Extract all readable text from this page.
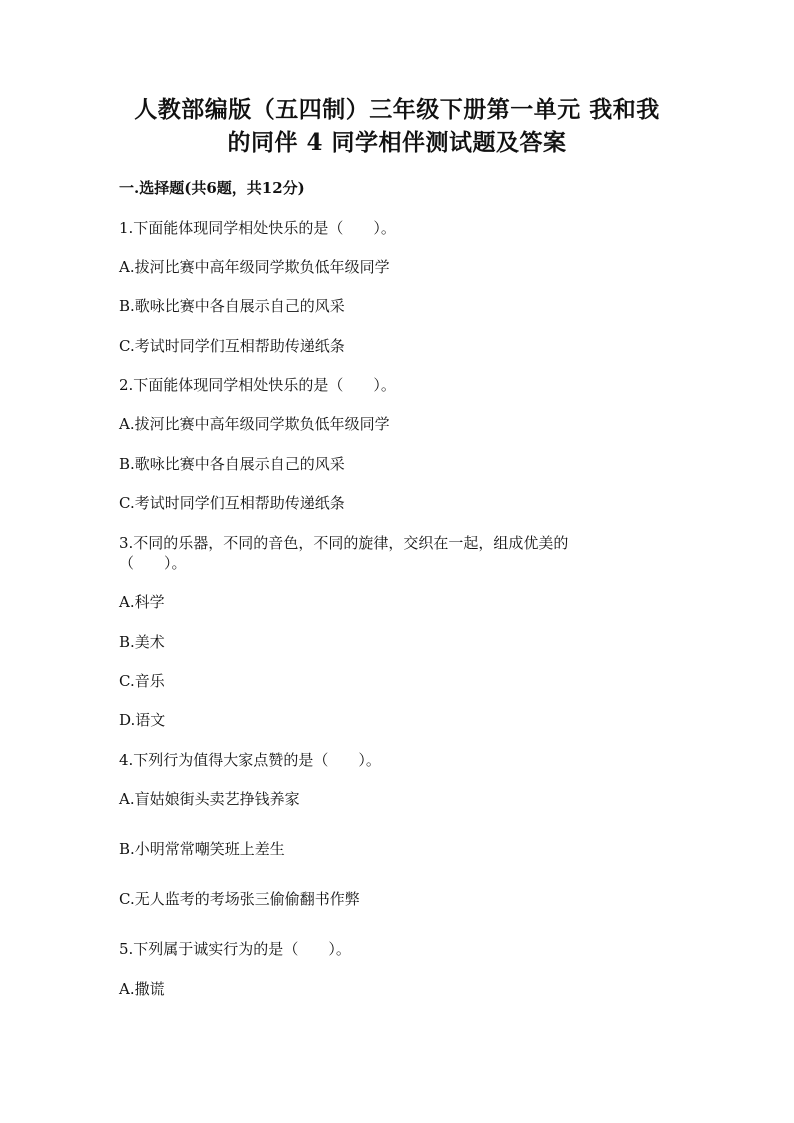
人教部编版（五四制）三年级下册第一单元 我和我
的同伴 4 同学相伴测试题及答案
一.选择题(共6题，共12分)
1.下面能体现同学相处快乐的是（　　）。
A.拔河比赛中高年级同学欺负低年级同学
B.歌咏比赛中各自展示自己的风采
C.考试时同学们互相帮助传递纸条
2.下面能体现同学相处快乐的是（　　）。
A.拔河比赛中高年级同学欺负低年级同学
B.歌咏比赛中各自展示自己的风采
C.考试时同学们互相帮助传递纸条
3.不同的乐器，不同的音色，不同的旋律，交织在一起，组成优美的
（　　）。
A.科学
B.美术
C.音乐
D.语文
4.下列行为值得大家点赞的是（　　）。
A.盲姑娘街头卖艺挣钱养家
B.小明常常嘲笑班上差生
C.无人监考的考场张三偷偷翻书作弊
5.下列属于诚实行为的是（　　）。
A.撒谎
